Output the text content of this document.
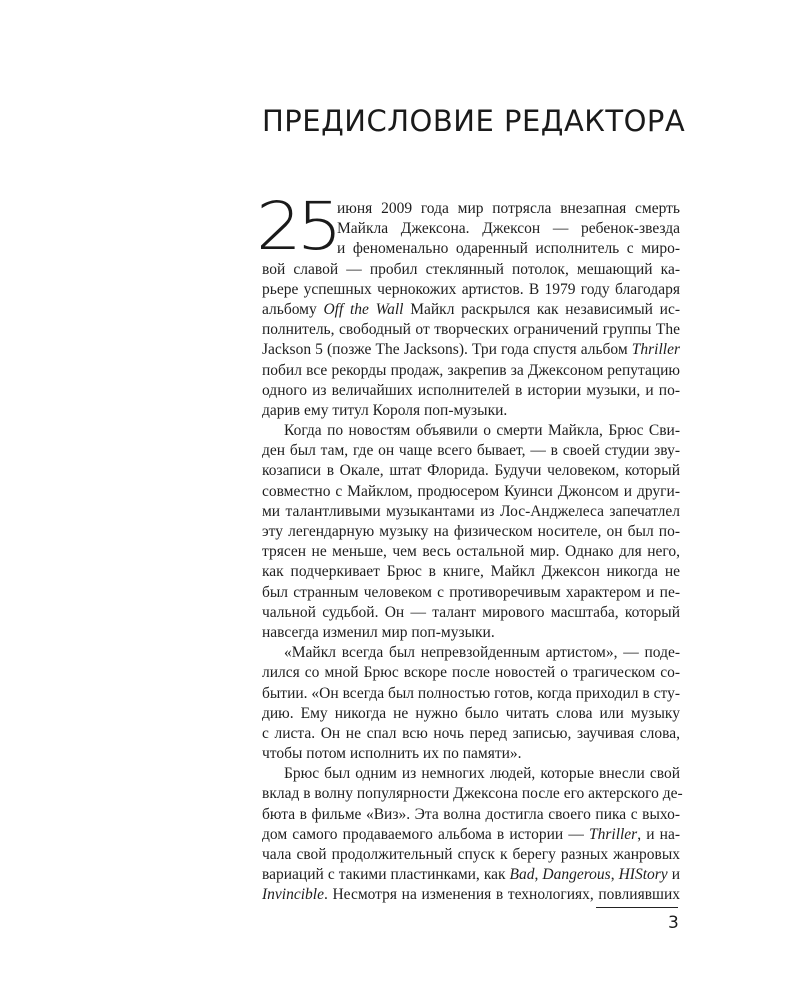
ПРЕДИСЛОВИЕ РЕДАКТОРА
25 июня 2009 года мир потрясла внезапная смерть
Майкла Джексона. Джексон — ребенок-звезда
и феноменально одаренный исполнитель с миро-
вой славой — пробил стеклянный потолок, мешающий ка-
рьере успешных чернокожих артистов. В 1979 году благодаря
альбому Off the Wall Майкл раскрылся как независимый ис-
полнитель, свободный от творческих ограничений группы The
Jackson 5 (позже The Jacksons). Три года спустя альбом Thriller
побил все рекорды продаж, закрепив за Джексоном репутацию
одного из величайших исполнителей в истории музыки, и по-
дарив ему титул Короля поп-музыки.
Когда по новостям объявили о смерти Майкла, Брюс Сви-
ден был там, где он чаще всего бывает, — в своей студии зву-
козаписи в Окале, штат Флорида. Будучи человеком, который
совместно с Майклом, продюсером Куинси Джонсом и други-
ми талантливыми музыкантами из Лос-Анджелеса запечатлел
эту легендарную музыку на физическом носителе, он был по-
трясен не меньше, чем весь остальной мир. Однако для него,
как подчеркивает Брюс в книге, Майкл Джексон никогда не
был странным человеком с противоречивым характером и пе-
чальной судьбой. Он — талант мирового масштаба, который
навсегда изменил мир поп-музыки.
«Майкл всегда был непревзойденным артистом», — поде-
лился со мной Брюс вскоре после новостей о трагическом со-
бытии. «Он всегда был полностью готов, когда приходил в сту-
дию. Ему никогда не нужно было читать слова или музыку
с листа. Он не спал всю ночь перед записью, заучивая слова,
чтобы потом исполнить их по памяти».
Брюс был одним из немногих людей, которые внесли свой
вклад в волну популярности Джексона после его актерского де-
бюта в фильме «Виз». Эта волна достигла своего пика с выхо-
дом самого продаваемого альбома в истории — Thriller, и на-
чала свой продолжительный спуск к берегу разных жанровых
вариаций с такими пластинками, как Bad, Dangerous, HIStory и
Invincible. Несмотря на изменения в технологиях, повлиявших
3
